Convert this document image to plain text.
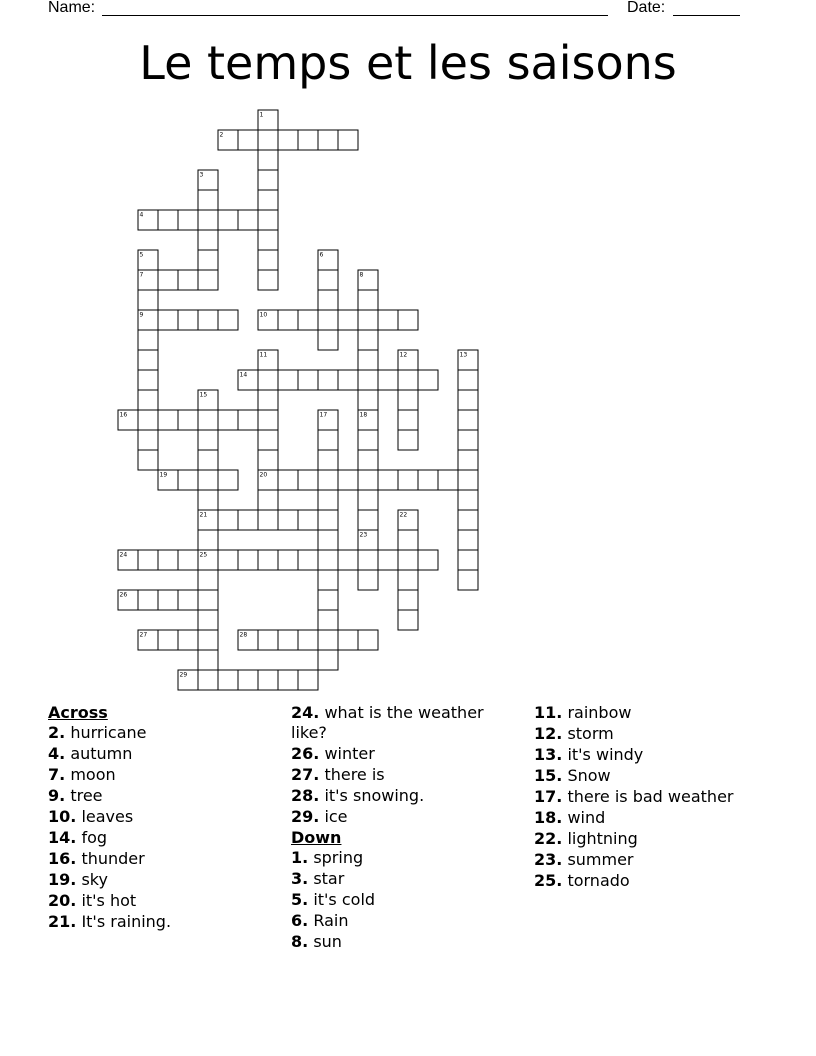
Name:	Date:
Le temps et les saisons
1
2
3
4
5	6
7	8
9	10
11	12	13
14
15
16	17	18
19	20
21	22
23
24	25
26
27	28
29
Across
2. hurricane
4. autumn
7. moon
9. tree
10. leaves
14. fog
16. thunder
19. sky
20. it's hot
21. It's raining.
24. what is the weather like?
26. winter
27. there is
28. it's snowing.
29. ice
Down
1. spring
3. star
5. it's cold
6. Rain
8. sun
11. rainbow
12. storm
13. it's windy
15. Snow
17. there is bad weather
18. wind
22. lightning
23. summer
25. tornado
